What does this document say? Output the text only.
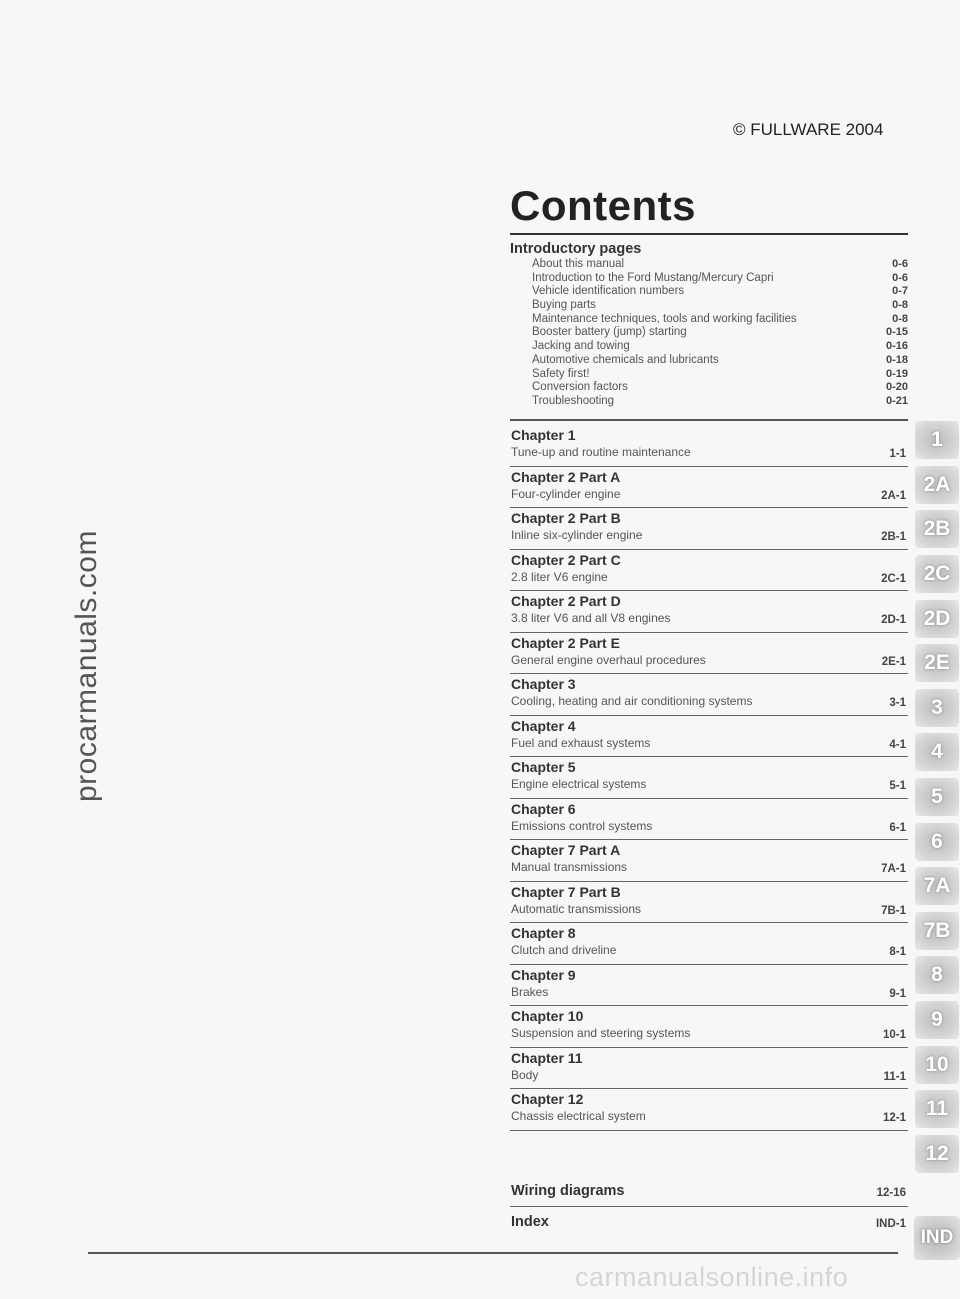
© FULLWARE 2004
Contents
Introductory pages
About this manual	0-6
Introduction to the Ford Mustang/Mercury Capri	0-6
Vehicle identification numbers	0-7
Buying parts	0-8
Maintenance techniques, tools and working facilities	0-8
Booster battery (jump) starting	0-15
Jacking and towing	0-16
Automotive chemicals and lubricants	0-18
Safety first!	0-19
Conversion factors	0-20
Troubleshooting	0-21
Chapter 1
Tune-up and routine maintenance	1-1
Chapter 2 Part A
Four-cylinder engine	2A-1
Chapter 2 Part B
Inline six-cylinder engine	2B-1
Chapter 2 Part C
2.8 liter V6 engine	2C-1
Chapter 2 Part D
3.8 liter V6 and all V8 engines	2D-1
Chapter 2 Part E
General engine overhaul procedures	2E-1
Chapter 3
Cooling, heating and air conditioning systems	3-1
Chapter 4
Fuel and exhaust systems	4-1
Chapter 5
Engine electrical systems	5-1
Chapter 6
Emissions control systems	6-1
Chapter 7 Part A
Manual transmissions	7A-1
Chapter 7 Part B
Automatic transmissions	7B-1
Chapter 8
Clutch and driveline	8-1
Chapter 9
Brakes	9-1
Chapter 10
Suspension and steering systems	10-1
Chapter 11
Body	11-1
Chapter 12
Chassis electrical system	12-1
Wiring diagrams	12-16
Index	IND-1
1
2A
2B
2C
2D
2E
3
4
5
6
7A
7B
8
9
10
11
12
IND
procarmanuals.com
carmanualsonline.info
